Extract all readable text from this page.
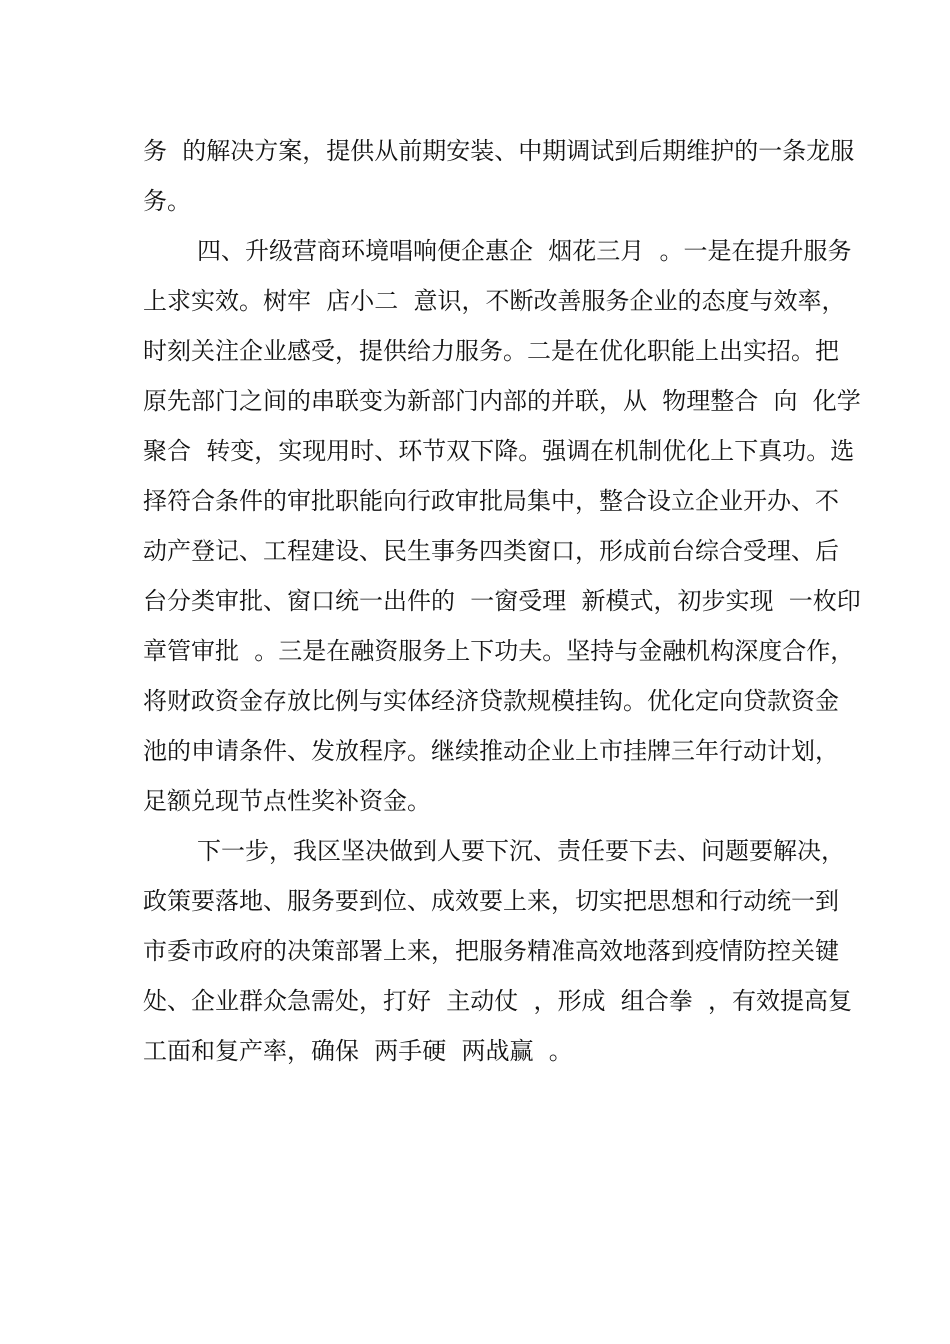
务  的解决方案，提供从前期安装、中期调试到后期维护的一条龙服
务。
四、升级营商环境唱响便企惠企  烟花三月  。一是在提升服务
上求实效。树牢  店小二  意识，不断改善服务企业的态度与效率，
时刻关注企业感受，提供给力服务。二是在优化职能上出实招。把
原先部门之间的串联变为新部门内部的并联，从  物理整合  向  化学
聚合  转变，实现用时、环节双下降。强调在机制优化上下真功。选
择符合条件的审批职能向行政审批局集中，整合设立企业开办、不
动产登记、工程建设、民生事务四类窗口，形成前台综合受理、后
台分类审批、窗口统一出件的  一窗受理  新模式，初步实现  一枚印
章管审批  。三是在融资服务上下功夫。坚持与金融机构深度合作，
将财政资金存放比例与实体经济贷款规模挂钩。优化定向贷款资金
池的申请条件、发放程序。继续推动企业上市挂牌三年行动计划，
足额兑现节点性奖补资金。
下一步，我区坚决做到人要下沉、责任要下去、问题要解决，
政策要落地、服务要到位、成效要上来，切实把思想和行动统一到
市委市政府的决策部署上来，把服务精准高效地落到疫情防控关键
处、企业群众急需处，打好  主动仗  ，形成  组合拳  ，有效提高复
工面和复产率，确保  两手硬  两战赢  。
